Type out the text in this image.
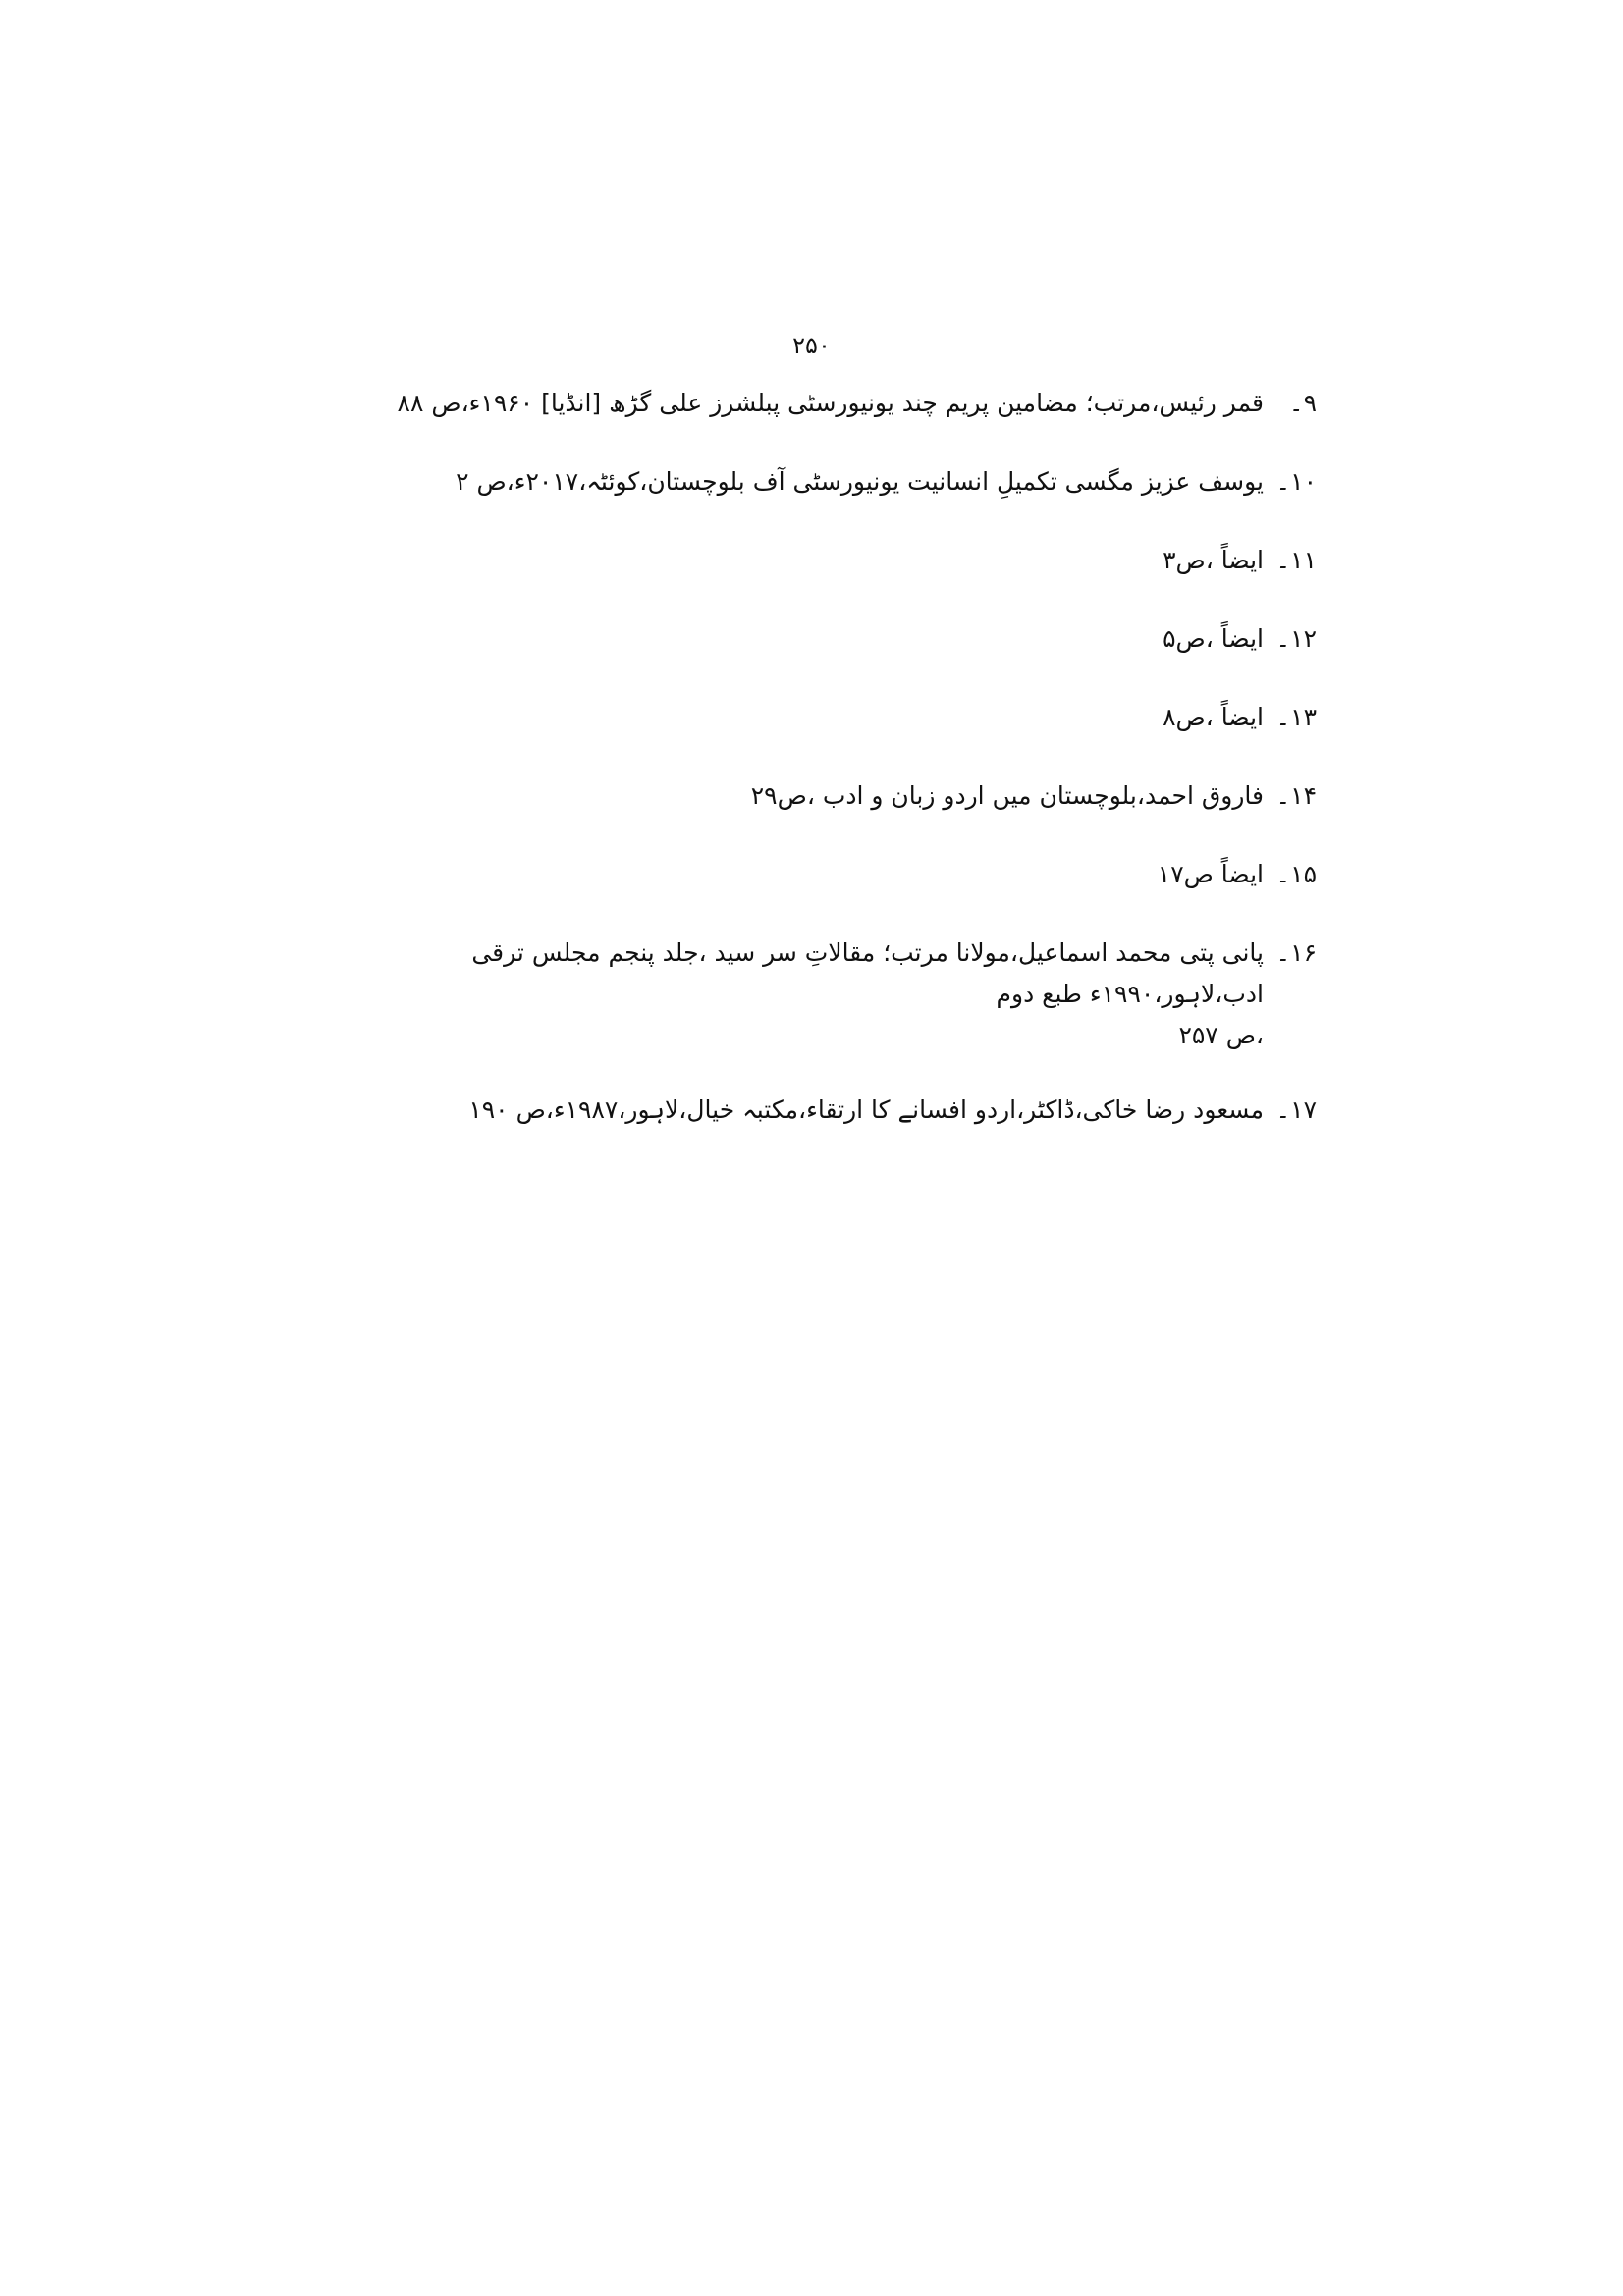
۲۵۰
۹۔
قمر رئیس،مرتب؛ مضامین پریم چند یونیورسٹی پبلشرز علی گڑھ [انڈیا] ۱۹۶۰ء،ص ۸۸
۱۰۔
یوسف عزیز مگسی تکمیلِ انسانیت یونیورسٹی آف بلوچستان،کوئٹہ،۲۰۱۷ء،ص ۲
۱۱۔
ایضاً ،ص۳
۱۲۔
ایضاً ،ص۵
۱۳۔
ایضاً ،ص۸
۱۴۔
فاروق احمد،بلوچستان میں اردو زبان و ادب ،ص۲۹
۱۵۔
ایضاً ص۱۷
۱۶۔
پانی پتی محمد اسماعیل،مولانا مرتب؛ مقالاتِ سر سید ،جلد پنجم مجلس ترقی ادب،لاہور،۱۹۹۰ء طبع دوم
،ص ۲۵۷
۱۷۔
مسعود رضا خاکی،ڈاکٹر،اردو افسانے کا ارتقاء،مکتبہ خیال،لاہور،۱۹۸۷ء،ص ۱۹۰
